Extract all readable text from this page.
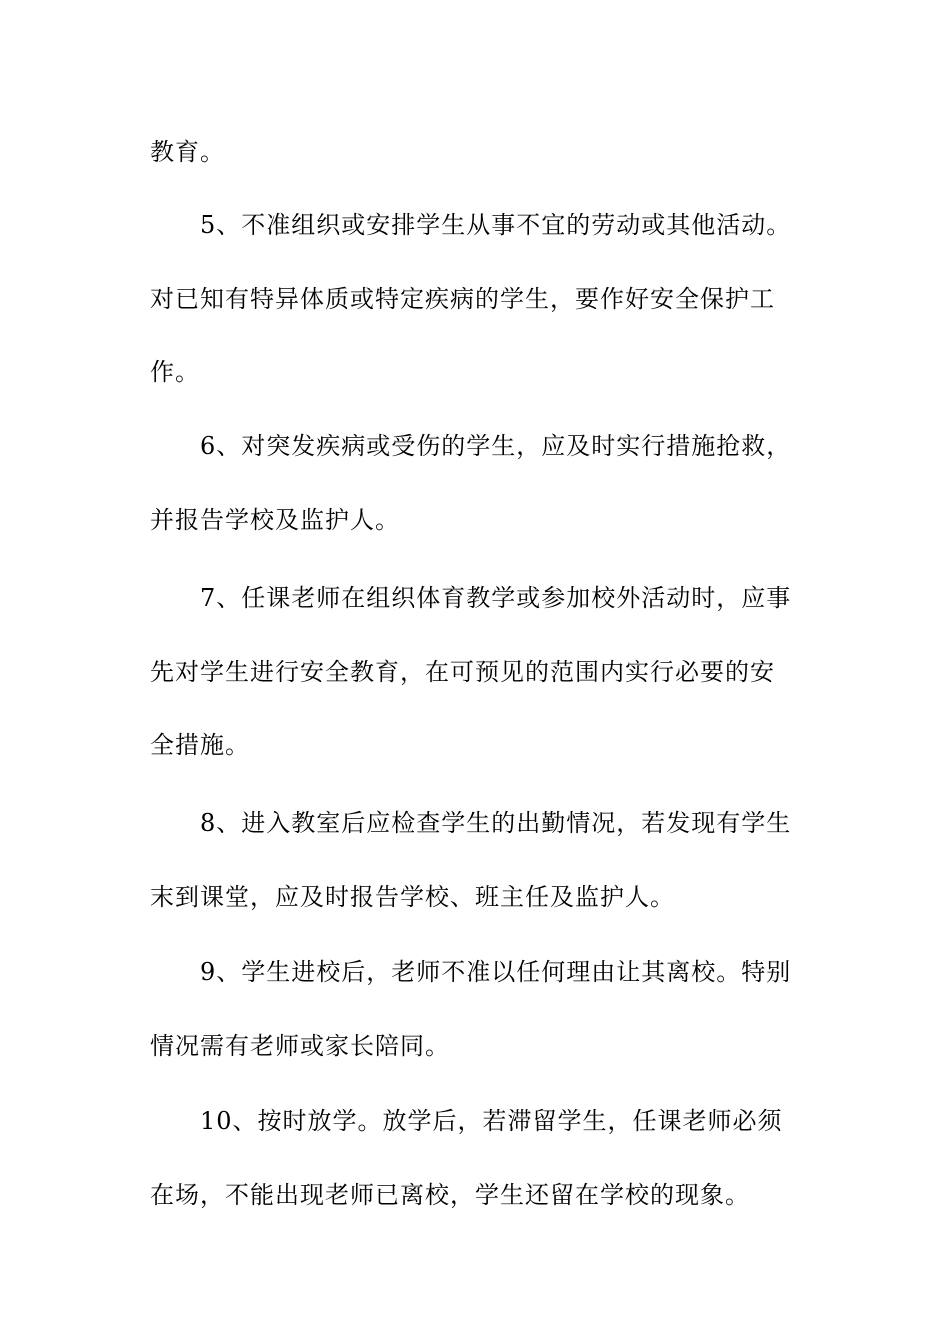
教育。
5、不准组织或安排学生从事不宜的劳动或其他活动。
对已知有特异体质或特定疾病的学生，要作好安全保护工
作。
6、对突发疾病或受伤的学生，应及时实行措施抢救，
并报告学校及监护人。
7、任课老师在组织体育教学或参加校外活动时，应事
先对学生进行安全教育，在可预见的范围内实行必要的安
全措施。
8、进入教室后应检查学生的出勤情况，若发现有学生
末到课堂，应及时报告学校、班主任及监护人。
9、学生进校后，老师不准以任何理由让其离校。特别
情况需有老师或家长陪同。
10、按时放学。放学后，若滞留学生，任课老师必须
在场，不能出现老师已离校，学生还留在学校的现象。
